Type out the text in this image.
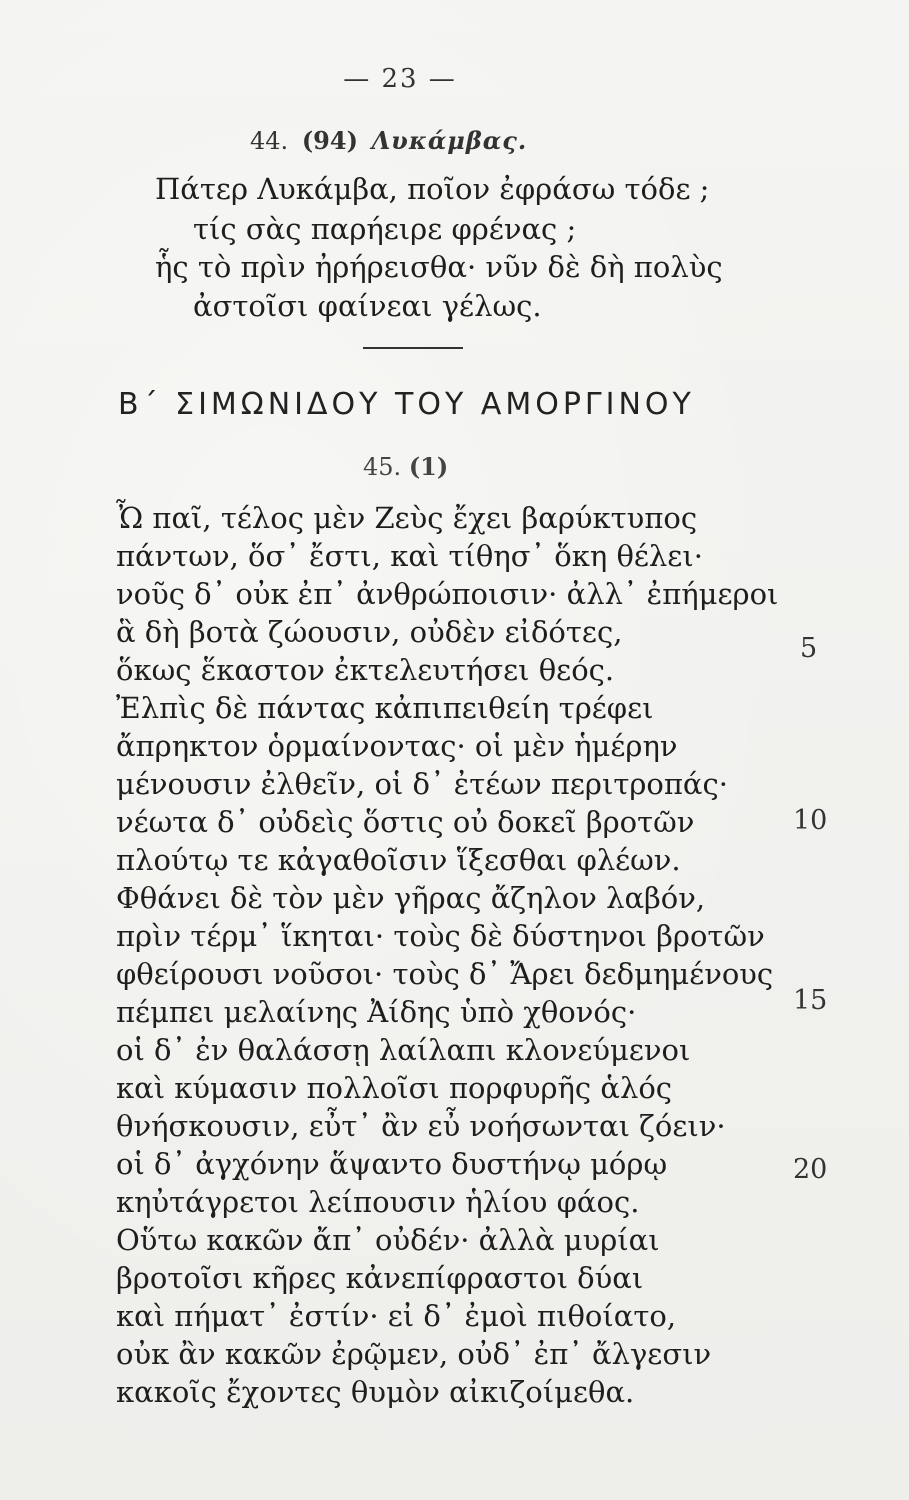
— 23 —
44. (94) Λυκάμβας.
Πάτερ Λυκάμβα, ποῖον ἐφράσω τόδε ;
τίς σὰς παρήειρε φρένας ;
ἧς τὸ πρὶν ἠρήρεισθα· νῦν δὲ δὴ πολὺς
ἀστοῖσι φαίνεαι γέλως.
Β΄ ΣΙΜΩΝΙΔΟΥ ΤΟΥ ΑΜΟΡΓΙΝΟΥ
45. (1)
Ὦ παῖ, τέλος μὲν Ζεὺς ἔχει βαρύκτυπος
πάντων, ὅσ᾽ ἔστι, καὶ τίθησ᾽ ὅκη θέλει·
νοῦς δ᾽ οὐκ ἐπ᾽ ἀνθρώποισιν· ἀλλ᾽ ἐπήμεροι
ἃ δὴ βοτὰ ζώουσιν, οὐδὲν εἰδότες,
ὅκως ἕκαστον ἐκτελευτήσει θεός.
Ἐλπὶς δὲ πάντας κἀπιπειθείη τρέφει
ἄπρηκτον ὁρμαίνοντας· οἱ μὲν ἡμέρην
μένουσιν ἐλθεῖν, οἱ δ᾽ ἐτέων περιτροπάς·
νέωτα δ᾽ οὐδεὶς ὅστις οὐ δοκεῖ βροτῶν
πλούτῳ τε κἀγαθοῖσιν ἵξεσθαι φλέων.
Φθάνει δὲ τὸν μὲν γῆρας ἄζηλον λαβόν,
πρὶν τέρμ᾽ ἵκηται· τοὺς δὲ δύστηνοι βροτῶν
φθείρουσι νοῦσοι· τοὺς δ᾽ Ἄρει δεδμημένους
πέμπει μελαίνης Ἀίδης ὑπὸ χθονός·
οἱ δ᾽ ἐν θαλάσσῃ λαίλαπι κλονεύμενοι
καὶ κύμασιν πολλοῖσι πορφυρῆς ἁλός
θνήσκουσιν, εὖτ᾽ ἂν εὖ νοήσωνται ζόειν·
οἱ δ᾽ ἀγχόνην ἅψαντο δυστήνῳ μόρῳ
κηὐτάγρετοι λείπουσιν ἡλίου φάος.
Οὕτω κακῶν ἄπ᾽ οὐδέν· ἀλλὰ μυρίαι
βροτοῖσι κῆρες κἀνεπίφραστοι δύαι
καὶ πήματ᾽ ἐστίν· εἰ δ᾽ ἐμοὶ πιθοίατο,
οὐκ ἂν κακῶν ἐρῷμεν, οὐδ᾽ ἐπ᾽ ἄλγεσιν
κακοῖς ἔχοντες θυμὸν αἰκιζοίμεθα.
5
10
15
20
